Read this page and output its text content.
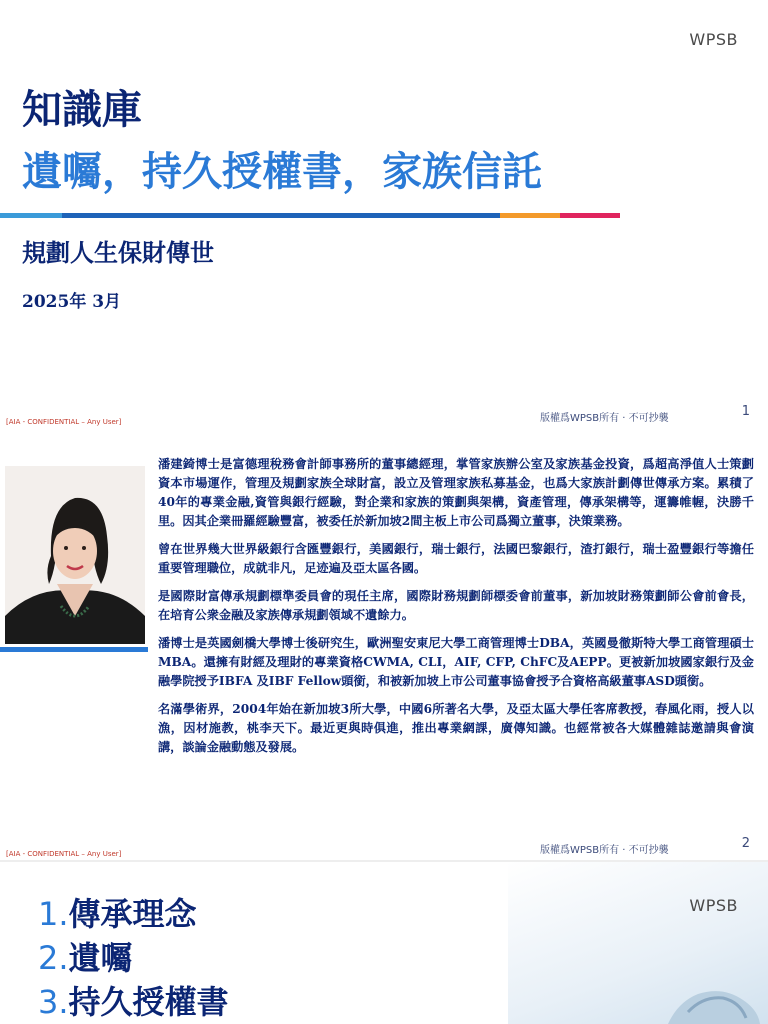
WPSB
知識庫
遺囑，持久授權書，家族信託
規劃人生保財傳世
2025年 3月
[AIA - CONFIDENTIAL – Any User]	版權爲WPSB所有 · 不可抄襲	1

潘建錡博士是富德理稅務會計師事務所的董事總經理，掌管家族辦公室及家族基金投資，爲超高淨值人士策劃資本市場運作，管理及規劃家族全球財富，設立及管理家族私募基金，也爲大家族計劃傳世傳承方案。累積了40年的專業金融,資管與銀行經驗，對企業和家族的策劃與架構，資產管理，傳承架構等，運籌帷幄，決勝千里。因其企業冊羅經驗豐富，被委任於新加坡2間主板上市公司爲獨立董事，決策業務。

曾在世界幾大世界級銀行含匯豐銀行，美國銀行，瑞士銀行，法國巴黎銀行，渣打銀行，瑞士盈豐銀行等擔任重要管理職位，成就非凡，足迹遍及亞太區各國。

是國際財富傳承規劃標準委員會的現任主席，國際財務規劃師標委會前董事，新加坡財務策劃師公會前會長，在培育公衆金融及家族傳承規劃領域不遺餘力。

潘博士是英國劍橋大學博士後研究生，歐洲聖安東尼大學工商管理博士DBA，英國曼徹斯特大學工商管理碩士MBA。還擁有財經及理財的專業資格CWMA, CLI，AIF, CFP, ChFC及AEPP。更被新加坡國家銀行及金融學院授予IBFA 及IBF Fellow頭銜，和被新加坡上市公司董事協會授予合資格高級董事ASD頭銜。

名滿學術界，2004年始在新加坡3所大學，中國6所著名大學，及亞太區大學任客席教授，春風化雨，授人以漁，因材施教，桃李天下。最近更與時俱進，推出專業網課，廣傳知識。也經常被各大媒體雜誌邀請與會演講，談論金融動態及發展。

[AIA - CONFIDENTIAL – Any User]	版權爲WPSB所有 · 不可抄襲	2
WPSB
1.傳承理念
2.遺囑
3.持久授權書
